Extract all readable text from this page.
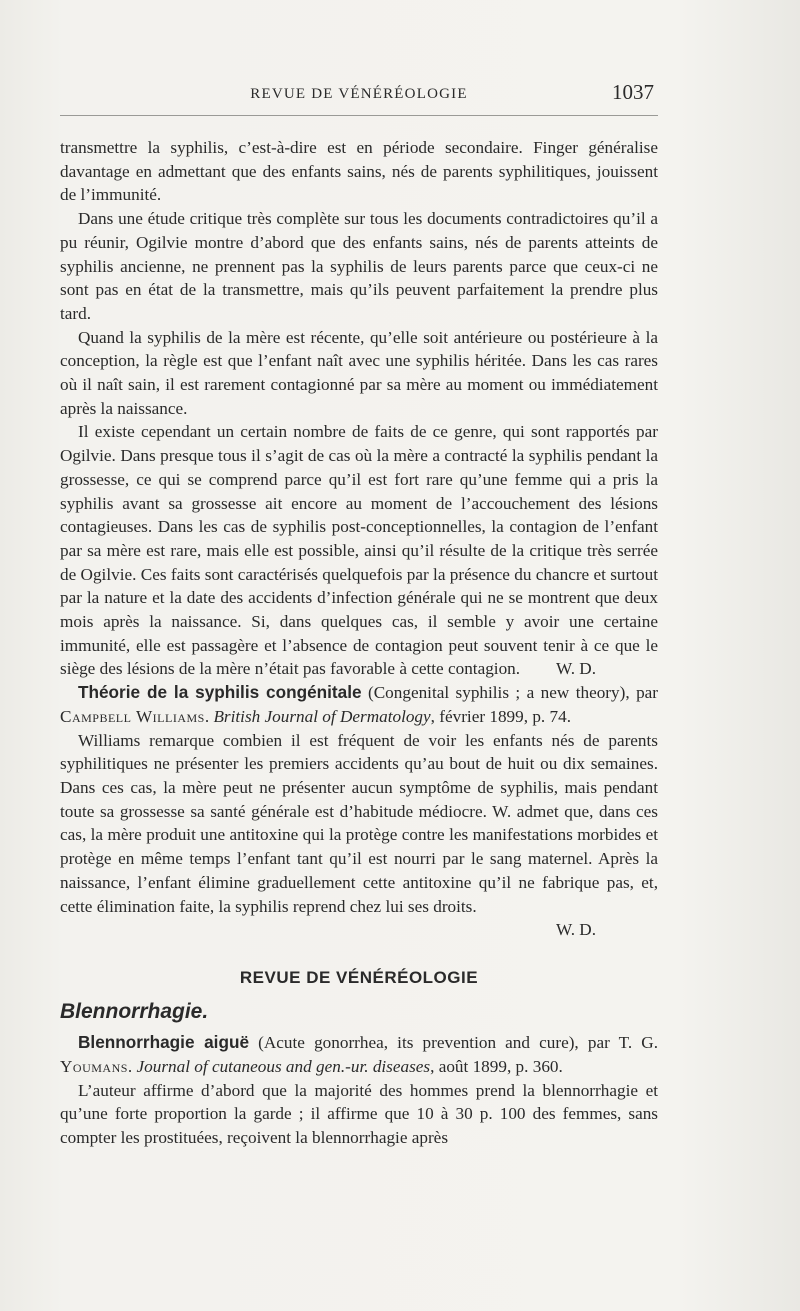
REVUE DE VÉNÉRÉOLOGIE	1037

transmettre la syphilis, c’est-à-dire est en période secondaire. Finger généralise davantage en admettant que des enfants sains, nés de parents syphilitiques, jouissent de l’immunité.

Dans une étude critique très complète sur tous les documents contradictoires qu’il a pu réunir, Ogilvie montre d’abord que des enfants sains, nés de parents atteints de syphilis ancienne, ne prennent pas la syphilis de leurs parents parce que ceux-ci ne sont pas en état de la transmettre, mais qu’ils peuvent parfaitement la prendre plus tard.

Quand la syphilis de la mère est récente, qu’elle soit antérieure ou postérieure à la conception, la règle est que l’enfant naît avec une syphilis héritée. Dans les cas rares où il naît sain, il est rarement contagionné par sa mère au moment ou immédiatement après la naissance.

Il existe cependant un certain nombre de faits de ce genre, qui sont rapportés par Ogilvie. Dans presque tous il s’agit de cas où la mère a contracté la syphilis pendant la grossesse, ce qui se comprend parce qu’il est fort rare qu’une femme qui a pris la syphilis avant sa grossesse ait encore au moment de l’accouchement des lésions contagieuses. Dans les cas de syphilis post-conceptionnelles, la contagion de l’enfant par sa mère est rare, mais elle est possible, ainsi qu’il résulte de la critique très serrée de Ogilvie. Ces faits sont caractérisés quelquefois par la présence du chancre et surtout par la nature et la date des accidents d’infection générale qui ne se montrent que deux mois après la naissance. Si, dans quelques cas, il semble y avoir une certaine immunité, elle est passagère et l’absence de contagion peut souvent tenir à ce que le siège des lésions de la mère n’était pas favorable à cette contagion.	W. D.

Théorie de la syphilis congénitale (Congenital syphilis ; a new theory), par Campbell Williams. British Journal of Dermatology, février 1899, p. 74.

Williams remarque combien il est fréquent de voir les enfants nés de parents syphilitiques ne présenter les premiers accidents qu’au bout de huit ou dix semaines. Dans ces cas, la mère peut ne présenter aucun symptôme de syphilis, mais pendant toute sa grossesse sa santé générale est d’habitude médiocre. W. admet que, dans ces cas, la mère produit une antitoxine qui la protège contre les manifestations morbides et protège en même temps l’enfant tant qu’il est nourri par le sang maternel. Après la naissance, l’enfant élimine graduellement cette antitoxine qu’il ne fabrique pas, et, cette élimination faite, la syphilis reprend chez lui ses droits.

W. D.

REVUE DE VÉNÉRÉOLOGIE
Blennorrhagie.

Blennorrhagie aiguë (Acute gonorrhea, its prevention and cure), par T. G. Youmans. Journal of cutaneous and gen.-ur. diseases, août 1899, p. 360.

L’auteur affirme d’abord que la majorité des hommes prend la blennorrhagie et qu’une forte proportion la garde ; il affirme que 10 à 30 p. 100 des femmes, sans compter les prostituées, reçoivent la blennorrhagie après
